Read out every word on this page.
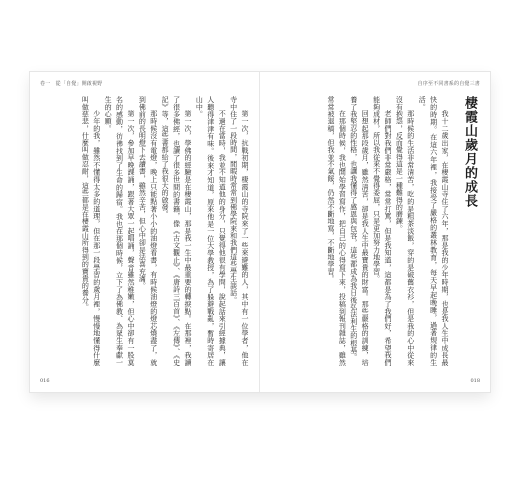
卷一　從「自覺」開啟視野

第一次，抗戰初期，棲霞山的寺院來了一些來避難的人，其中有一位學者，他在寺中住了一段時間，閒暇時常常到佛學院來和我們這些學生談話。

不過在當時，我並不知道他的身分，只覺得他很有學問，說起話來引經據典，讓人聽得津津有味。後來才知道，原來他是一位大學教授，為了躲避戰亂，暫時寄居在山中。

第一次，學佛的經驗是在棲霞山，那是我一生中最重要的轉捩點。在那裡，我讀了很多佛經，也讀了很多世間的書籍，像《古文觀止》、《唐詩三百首》、《左傳》、《史記》等，這些書都給了我很大的啟發。

那時候沒有電燈，晚上只能點著小小的油燈看書，有時候油燈的燈芯燒盡了，就到佛前的長明燈下去讀書，雖然辛苦，但心中卻是法喜充滿。

第一次，參加早晚課誦，跟著大眾一起唱誦，聲音雖然稚嫩，但心中卻有一股莫名的感動，彷彿找到了生命的歸宿。我也在那個時候，立下了為佛教、為眾生奉獻一生的心願。

少年的我，雖然不懂得太多的道理，但在那一段學習的歲月裡，慢慢地懂得什麼叫做慈悲，什麼叫做忍耐，這些都是在棲霞山所得到的寶貴的養分。

016
自序至不同書系的自覺三書
棲霞山歲月的成長

我十二歲出家，在棲霞山寺住了六年，那是我的少年時期，也是我人生中成長最快的時期。在這六年裡，我接受了嚴格的叢林教育，每天早起晚睡，過著規律的生活。

那時候的生活非常清苦，吃的是粗茶淡飯，穿的是破舊衣衫，但是我的心中從來沒有抱怨，反而覺得這是一種難得的磨鍊。

老師們對我們非常嚴格，常常打罵，但是我知道，這都是為了我們好，希望我們能夠成材，所以我從來不覺得委屈，只是更加努力地學習。

回想起那段歲月，雖然清苦，卻是我人生中最寶貴的財富。那些嚴格的訓練，培養了我堅忍的性格，也讓我懂得了感恩與包容，這些都成為我日後弘法利生的根基。

在那個時候，我也開始學習寫作，把自己的心得寫下來，投稿到報刊雜誌，雖然常常被退稿，但我並不氣餒，仍然不斷地寫，不斷地學習。

018
